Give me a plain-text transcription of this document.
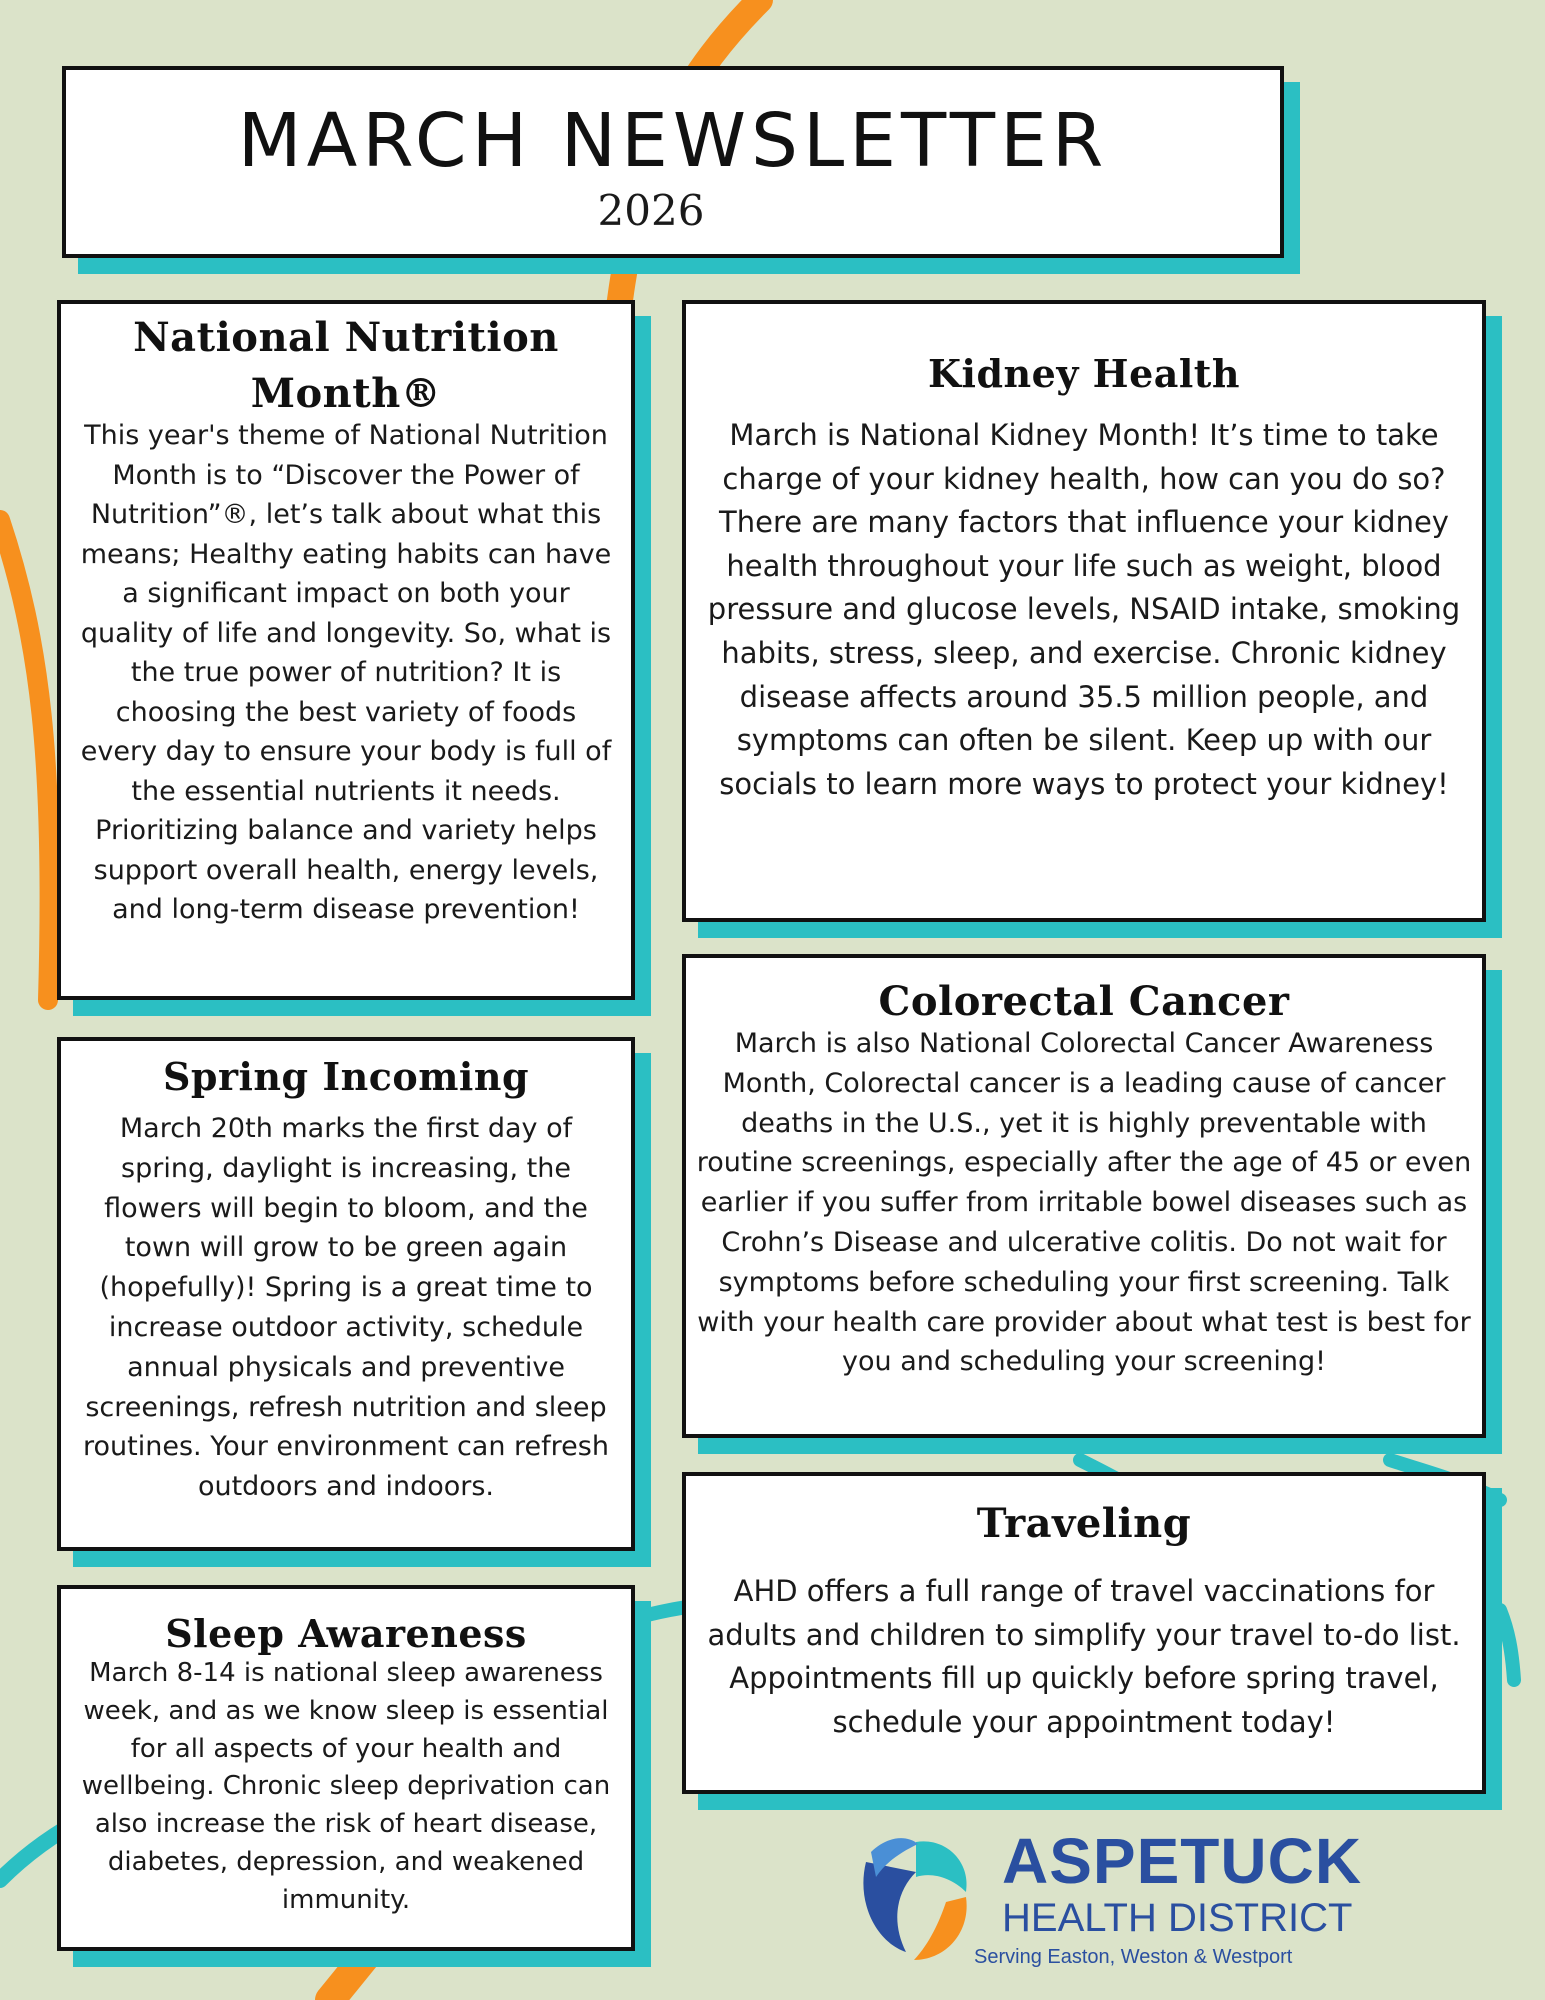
MARCH NEWSLETTER
2026
National Nutrition Month®

This year's theme of National Nutrition Month is to “Discover the Power of Nutrition”®, let’s talk about what this means; Healthy eating habits can have a significant impact on both your quality of life and longevity. So, what is the true power of nutrition? It is choosing the best variety of foods every day to ensure your body is full of the essential nutrients it needs. Prioritizing balance and variety helps support overall health, energy levels, and long-term disease prevention!

Kidney Health

March is National Kidney Month! It’s time to take charge of your kidney health, how can you do so? There are many factors that influence your kidney health throughout your life such as weight, blood pressure and glucose levels, NSAID intake, smoking habits, stress, sleep, and exercise. Chronic kidney disease affects around 35.5 million people, and symptoms can often be silent. Keep up with our socials to learn more ways to protect your kidney!

Spring Incoming

March 20th marks the first day of spring, daylight is increasing, the flowers will begin to bloom, and the town will grow to be green again (hopefully)! Spring is a great time to increase outdoor activity, schedule annual physicals and preventive screenings, refresh nutrition and sleep routines. Your environment can refresh outdoors and indoors.

Colorectal Cancer

March is also National Colorectal Cancer Awareness Month, Colorectal cancer is a leading cause of cancer deaths in the U.S., yet it is highly preventable with routine screenings, especially after the age of 45 or even earlier if you suffer from irritable bowel diseases such as Crohn’s Disease and ulcerative colitis. Do not wait for symptoms before scheduling your first screening. Talk with your health care provider about what test is best for you and scheduling your screening!

Traveling

AHD offers a full range of travel vaccinations for adults and children to simplify your travel to-do list. Appointments fill up quickly before spring travel, schedule your appointment today!

Sleep Awareness

March 8-14 is national sleep awareness week, and as we know sleep is essential for all aspects of your health and wellbeing. Chronic sleep deprivation can also increase the risk of heart disease, diabetes, depression, and weakened immunity.

ASPETUCK
HEALTH DISTRICT
Serving Easton, Weston & Westport
